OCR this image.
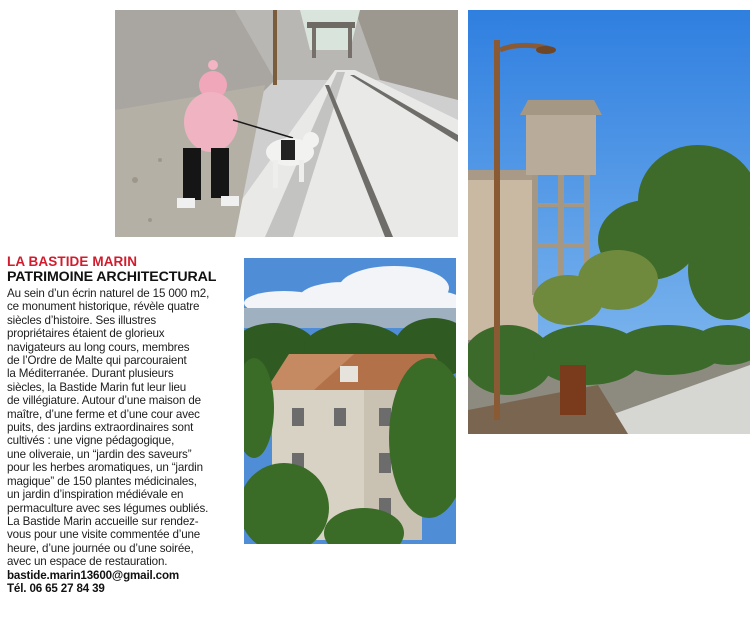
LA BASTIDE MARIN
PATRIMOINE ARCHITECTURAL
Au sein d’un écrin naturel de 15 000 m2,
ce monument historique, révèle quatre
siècles d’histoire. Ses illustres
propriétaires étaient de glorieux
navigateurs au long cours, membres
de l’Ordre de Malte qui parcouraient
la Méditerranée. Durant plusieurs
siècles, la Bastide Marin fut leur lieu
de villégiature. Autour d’une maison de
maître, d’une ferme et d’une cour avec
puits, des jardins extraordinaires sont
cultivés : une vigne pédagogique,
une oliveraie, un “jardin des saveurs”
pour les herbes aromatiques, un “jardin
magique” de 150 plantes médicinales,
un jardin d’inspiration médiévale en
permaculture avec ses légumes oubliés.
La Bastide Marin accueille sur rendez-
vous pour une visite commentée d’une
heure, d’une journée ou d’une soirée,
avec un espace de restauration.
bastide.marin13600@gmail.com
Tél. 06 65 27 84 39
